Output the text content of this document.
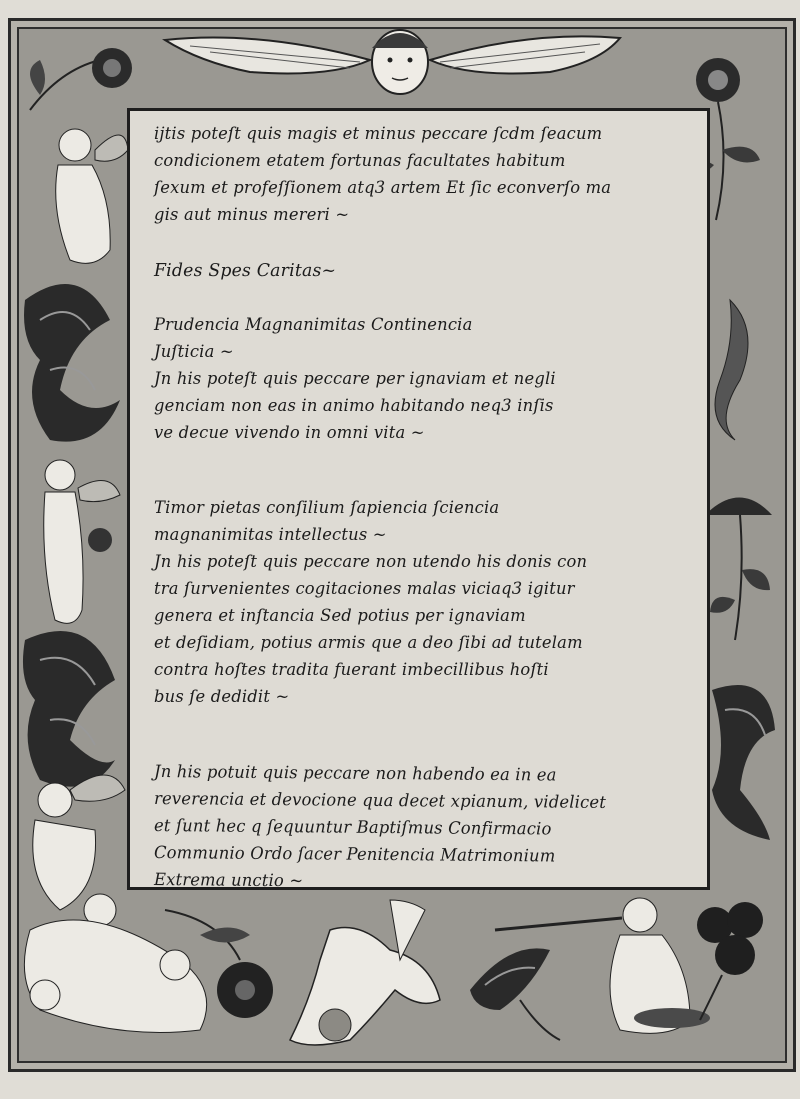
ijtis poteſt quis magis et minus peccare ſcdm ſeacum
condicionem etatem fortunas facultates habitum
ſexum et profeſſionem atq3 artem Et ſic econverſo ma
gis aut minus mereri ~
Fides Spes Caritas~
Prudencia Magnanimitas Continencia
Juſticia ~
Jn his poteſt quis peccare per ignaviam et negli
genciam non eas in animo habitando neq3 inſis
ve decue vivendo in omni vita ~
Timor pietas conſilium ſapiencia ſciencia
magnanimitas intellectus ~
Jn his poteſt quis peccare non utendo his donis con
tra ſurvenientes cogitaciones malas viciaq3 igitur
genera et inſtancia Sed potius per ignaviam
et deſidiam, potius armis que a deo ſibi ad tutelam
contra hoſtes tradita fuerant imbecillibus hoſti
bus ſe dedidit ~
Jn his potuit quis peccare non habendo ea in ea
reverencia et devocione qua decet xpianum, videlicet
et ſunt hec q ſequuntur Baptiſmus Confirmacio
Communio Ordo ſacer Penitencia Matrimonium
Extrema unctio ~
